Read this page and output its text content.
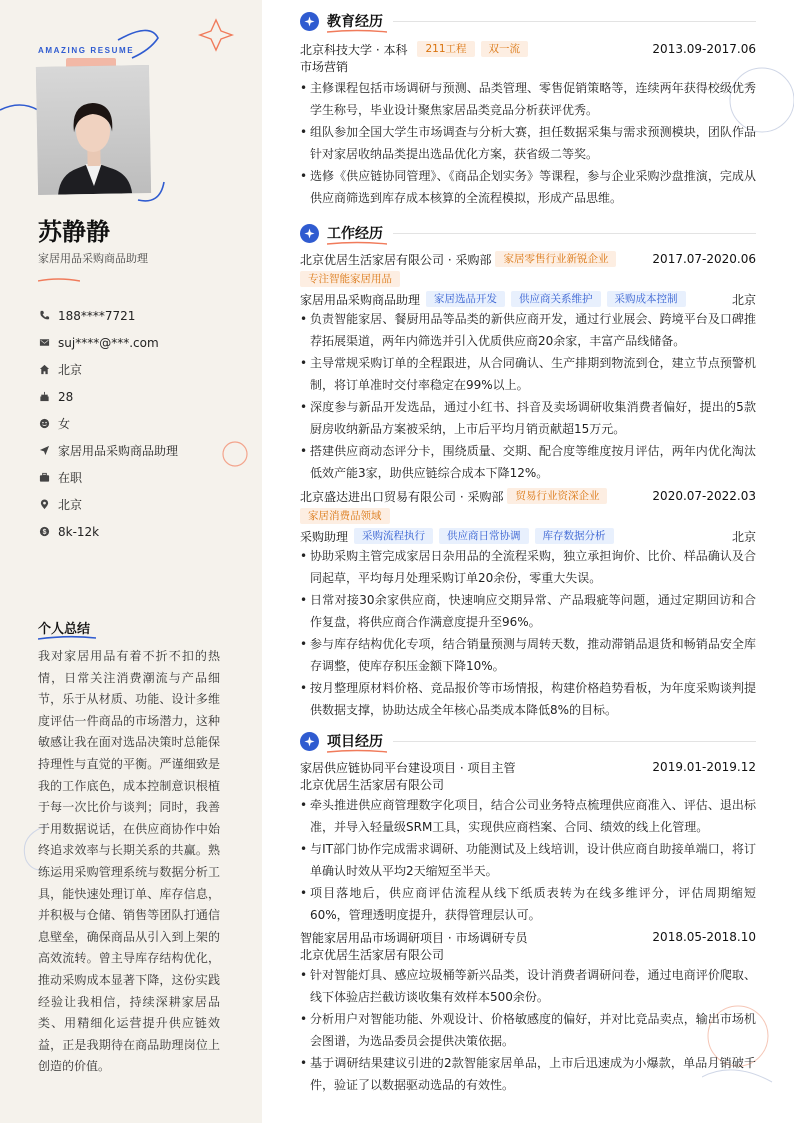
AMAZING RESUME
苏静静
家居用品采购商品助理
188****7721
suj****@***.com
北京
28
女
家居用品采购商品助理
在职
北京
$ 8k-12k
个人总结
我对家居用品有着不折不扣的热情，日常关注消费潮流与产品细节，乐于从材质、功能、设计多维度评估一件商品的市场潜力，这种敏感让我在面对选品决策时总能保持理性与直觉的平衡。严谨细致是我的工作底色，成本控制意识根植于每一次比价与谈判；同时，我善于用数据说话，在供应商协作中始终追求效率与长期关系的共赢。熟练运用采购管理系统与数据分析工具，能快速处理订单、库存信息，并积极与仓储、销售等团队打通信息壁垒，确保商品从引入到上架的高效流转。曾主导库存结构优化，推动采购成本显著下降，这份实践经验让我相信，持续深耕家居品类、用精细化运营提升供应链效益，正是我期待在商品助理岗位上创造的价值。
教育经历
北京科技大学 · 本科	211工程	双一流	2013.09-2017.06
市场营销
• 主修课程包括市场调研与预测、品类管理、零售促销策略等，连续两年获得校级优秀学生称号，毕业设计聚焦家居品类竞品分析获评优秀。
• 组队参加全国大学生市场调查与分析大赛，担任数据采集与需求预测模块，团队作品针对家居收纳品类提出选品优化方案，获省级二等奖。
• 选修《供应链协同管理》、《商品企划实务》等课程，参与企业采购沙盘推演，完成从供应商筛选到库存成本核算的全流程模拟，形成产品思维。
工作经历
北京优居生活家居有限公司 · 采购部	家居零售行业新锐企业	2017.07-2020.06
专注智能家居用品
家居用品采购商品助理	家居选品开发	供应商关系维护	采购成本控制	北京
• 负责智能家居、餐厨用品等品类的新供应商开发，通过行业展会、跨境平台及口碑推荐拓展渠道，两年内筛选并引入优质供应商20余家，丰富产品线储备。
• 主导常规采购订单的全程跟进，从合同确认、生产排期到物流到仓，建立节点预警机制，将订单准时交付率稳定在99%以上。
• 深度参与新品开发选品，通过小红书、抖音及卖场调研收集消费者偏好，提出的5款厨房收纳新品方案被采纳，上市后平均月销贡献超15万元。
• 搭建供应商动态评分卡，围绕质量、交期、配合度等维度按月评估，两年内优化淘汰低效产能3家，助供应链综合成本下降12%。
北京盛达进出口贸易有限公司 · 采购部	贸易行业资深企业	2020.07-2022.03
家居消费品领域
采购助理	采购流程执行	供应商日常协调	库存数据分析	北京
• 协助采购主管完成家居日杂用品的全流程采购，独立承担询价、比价、样品确认及合同起草，平均每月处理采购订单20余份，零重大失误。
• 日常对接30余家供应商，快速响应交期异常、产品瑕疵等问题，通过定期回访和合作复盘，将供应商合作满意度提升至96%。
• 参与库存结构优化专项，结合销量预测与周转天数，推动滞销品退货和畅销品安全库存调整，使库存积压金额下降10%。
• 按月整理原材料价格、竞品报价等市场情报，构建价格趋势看板，为年度采购谈判提供数据支撑，协助达成全年核心品类成本降低8%的目标。
项目经历
家居供应链协同平台建设项目 · 项目主管	2019.01-2019.12
北京优居生活家居有限公司
• 牵头推进供应商管理数字化项目，结合公司业务特点梳理供应商准入、评估、退出标准，并导入轻量级SRM工具，实现供应商档案、合同、绩效的线上化管理。
• 与IT部门协作完成需求调研、功能测试及上线培训，设计供应商自助接单端口，将订单确认时效从平均2天缩短至半天。
• 项目落地后，供应商评估流程从线下纸质表转为在线多维评分，评估周期缩短60%，管理透明度提升，获得管理层认可。
智能家居用品市场调研项目 · 市场调研专员	2018.05-2018.10
北京优居生活家居有限公司
• 针对智能灯具、感应垃圾桶等新兴品类，设计消费者调研问卷，通过电商评价爬取、线下体验店拦截访谈收集有效样本500余份。
• 分析用户对智能功能、外观设计、价格敏感度的偏好，并对比竞品卖点，输出市场机会图谱，为选品委员会提供决策依据。
• 基于调研结果建议引进的2款智能家居单品，上市后迅速成为小爆款，单品月销破千件，验证了以数据驱动选品的有效性。
